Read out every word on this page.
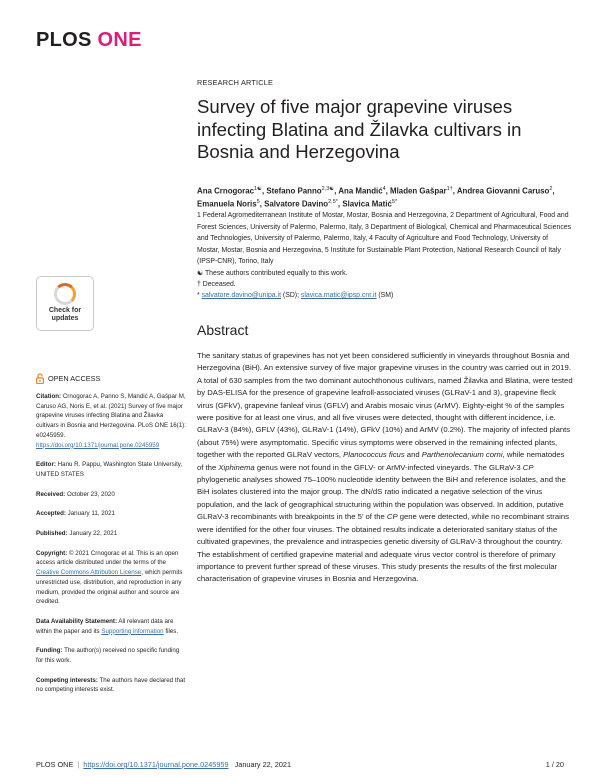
PLOS ONE
RESEARCH ARTICLE
Survey of five major grapevine viruses infecting Blatina and Žilavka cultivars in Bosnia and Herzegovina
Ana Crnogorac$^{1☯}$, Stefano Panno$^{2,3☯}$, Ana Mandić$^4$, Mladen Gašpar$^{1\dagger}$, Andrea Giovanni Caruso$^2$, Emanuela Noris$^5$, Salvatore Davino$^{2,5*}$, Slavica Matić$^{5*}$
1 Federal Agromediterranean Institute of Mostar, Mostar, Bosnia and Herzegovina, 2 Department of Agricultural, Food and Forest Sciences, University of Palermo, Palermo, Italy, 3 Department of Biological, Chemical and Pharmaceutical Sciences and Technologies, University of Palermo, Palermo, Italy, 4 Faculty of Agriculture and Food Technology, University of Mostar, Mostar, Bosnia and Herzegovina, 5 Institute for Sustainable Plant Protection, National Research Council of Italy (IPSP-CNR), Torino, Italy
☯ These authors contributed equally to this work.
† Deceased.
* salvatore.davino@unipa.it (SD); slavica.matic@ipsp.cnr.it (SM)
Check for
updates
OPEN ACCESS

Citation: Crnogorac A, Panno S, Mandić A, Gašpar M, Caruso AG, Noris E, et al. (2021) Survey of five major grapevine viruses infecting Blatina and Žilavka cultivars in Bosnia and Herzegovina. PLoS ONE 16(1): e0245959. https://doi.org/10.1371/journal.pone.0245959

Editor: Hanu R. Pappu, Washington State University, UNITED STATES

Received: October 23, 2020

Accepted: January 11, 2021

Published: January 22, 2021

Copyright: © 2021 Crnogorac et al. This is an open access article distributed under the terms of the Creative Commons Attribution License, which permits unrestricted use, distribution, and reproduction in any medium, provided the original author and source are credited.

Data Availability Statement: All relevant data are within the paper and its Supporting information files.

Funding: The author(s) received no specific funding for this work.

Competing interests: The authors have declared that no competing interests exist.

Abstract
The sanitary status of grapevines has not yet been considered sufficiently in vineyards throughout Bosnia and Herzegovina (BiH). An extensive survey of five major grapevine viruses in the country was carried out in 2019. A total of 630 samples from the two dominant autochthonous cultivars, named Žilavka and Blatina, were tested by DAS-ELISA for the presence of grapevine leafroll-associated viruses (GLRaV-1 and 3), grapevine fleck virus (GFkV), grapevine fanleaf virus (GFLV) and Arabis mosaic virus (ArMV). Eighty-eight % of the samples were positive for at least one virus, and all five viruses were detected, thought with different incidence, i.e. GLRaV-3 (84%), GFLV (43%), GLRaV-1 (14%), GFkV (10%) and ArMV (0.2%). The majority of infected plants (about 75%) were asymptomatic. Specific virus symptoms were observed in the remaining infected plants, together with the reported GLRaV vectors, Planococcus ficus and Parthenolecanium corni, while nematodes of the Xiphinema genus were not found in the GFLV- or ArMV-infected vineyards. The GLRaV-3 CP phylogenetic analyses showed 75–100% nucleotide identity between the BiH and reference isolates, and the BiH isolates clustered into the major group. The dN/dS ratio indicated a negative selection of the virus population, and the lack of geographical structuring within the population was observed. In addition, putative GLRaV-3 recombinants with breakpoints in the 5′ of the CP gene were detected, while no recombinant strains were identified for the other four viruses. The obtained results indicate a deteriorated sanitary status of the cultivated grapevines, the prevalence and intraspecies genetic diversity of GLRaV-3 throughout the country. The establishment of certified grapevine material and adequate virus vector control is therefore of primary importance to prevent further spread of these viruses. This study presents the results of the first molecular characterisation of grapevine viruses in Bosnia and Herzegovina.
PLOS ONE | https://doi.org/10.1371/journal.pone.0245959 January 22, 2021	1 / 20
